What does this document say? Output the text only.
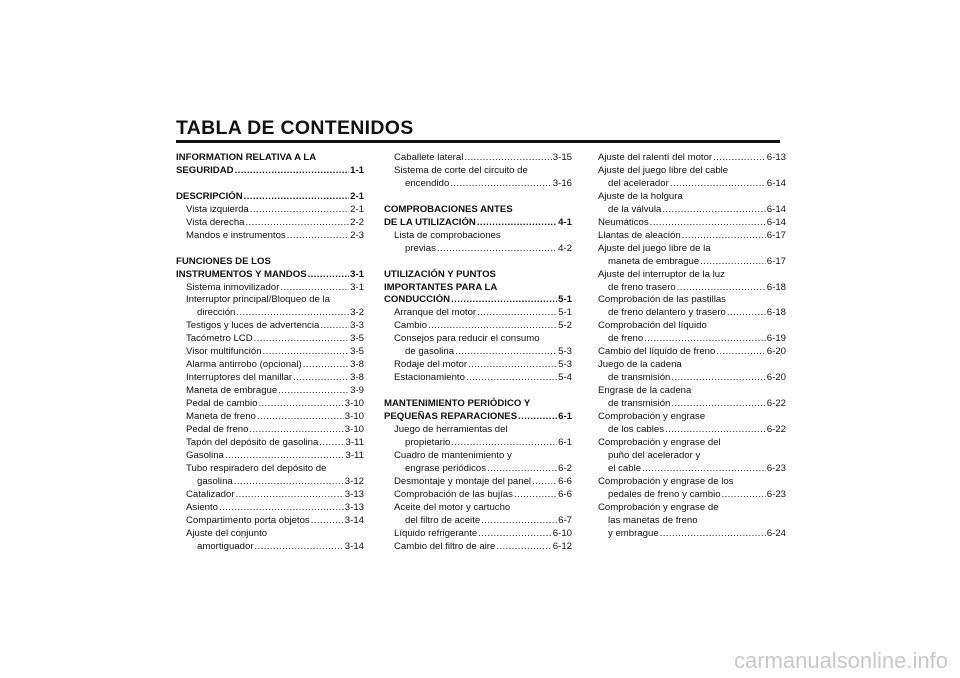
TABLA DE CONTENIDOS
INFORMATION RELATIVA A LA
SEGURIDAD .....	1-1
DESCRIPCIÓN .....	2-1
Vista izquierda .....	2-1
Vista derecha .....	2-2
Mandos e instrumentos .....	2-3
FUNCIONES DE LOS
INSTRUMENTOS Y MANDOS .....	3-1
Sistema inmovilizador .....	3-1
Interruptor principal/Bloqueo de la
dirección .....	3-2
Testigos y luces de advertencia .....	3-3
Tacómetro LCD .....	3-5
Visor multifunción .....	3-5
Alarma antirrobo (opcional) .....	3-8
Interruptores del manillar .....	3-8
Maneta de embrague .....	3-9
Pedal de cambio .....	3-10
Maneta de freno .....	3-10
Pedal de freno .....	3-10
Tapón del depósito de gasolina .....	3-11
Gasolina .....	3-11
Tubo respiradero del depósito de
gasolina .....	3-12
Catalizador .....	3-13
Asiento .....	3-13
Compartimento porta objetos .....	3-14
Ajuste del conjunto
amortiguador .....	3-14
Caballete lateral .....	3-15
Sistema de corte del circuito de
encendido .....	3-16
COMPROBACIONES ANTES
DE LA UTILIZACIÓN .....	4-1
Lista de comprobaciones
previas .....	4-2
UTILIZACIÓN Y PUNTOS
IMPORTANTES PARA LA
CONDUCCIÓN .....	5-1
Arranque del motor .....	5-1
Cambio .....	5-2
Consejos para reducir el consumo
de gasolina .....	5-3
Rodaje del motor .....	5-3
Estacionamiento .....	5-4
MANTENIMIENTO PERIÓDICO Y
PEQUEÑAS REPARACIONES .....	6-1
Juego de herramientas del
propietario .....	6-1
Cuadro de mantenimiento y
engrase periódicos .....	6-2
Desmontaje y montaje del panel .....	6-6
Comprobación de las bujías .....	6-6
Aceite del motor y cartucho
del filtro de aceite .....	6-7
Líquido refrigerante .....	6-10
Cambio del filtro de aire .....	6-12
Ajuste del ralentí del motor .....	6-13
Ajuste del juego libre del cable
del acelerador .....	6-14
Ajuste de la holgura
de la válvula .....	6-14
Neumáticos .....	6-14
Llantas de aleación .....	6-17
Ajuste del juego libre de la
maneta de embrague .....	6-17
Ajuste del interruptor de la luz
de freno trasero .....	6-18
Comprobación de las pastillas
de freno delantero y trasero .....	6-18
Comprobación del líquido
de freno .....	6-19
Cambio del líquido de freno .....	6-20
Juego de la cadena
de transmisión .....	6-20
Engrase de la cadena
de transmisión .....	6-22
Comprobación y engrase
de los cables .....	6-22
Comprobación y engrase del
puño del acelerador y
el cable .....	6-23
Comprobación y engrase de los
pedales de freno y cambio .....	6-23
Comprobación y engrase de
las manetas de freno
y embrague .....	6-24
carmanualsonline.info
